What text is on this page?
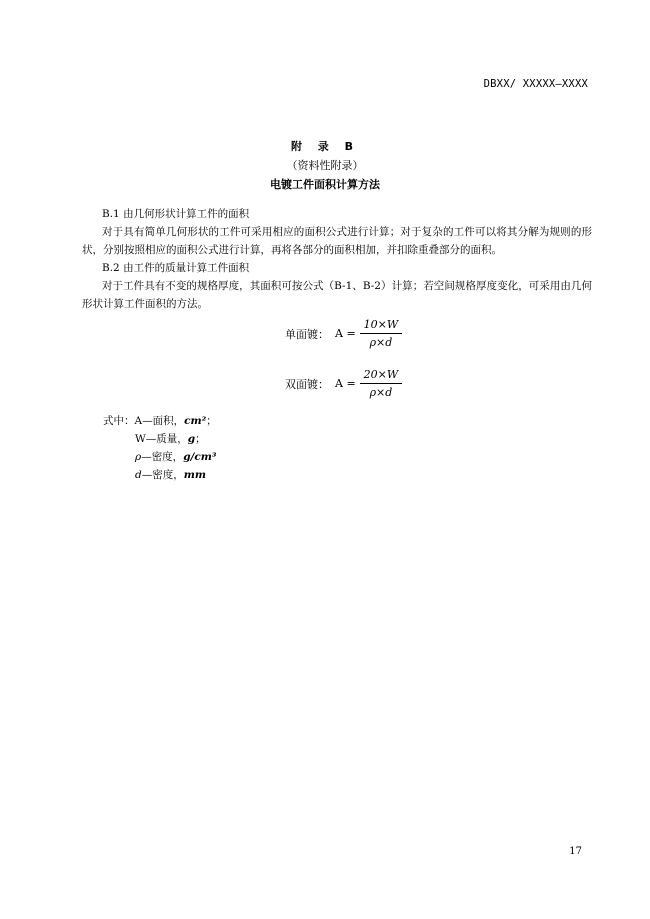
DBXX/ XXXXX—XXXX
附 录 B
（资料性附录）
电镀工件面积计算方法
B.1 由几何形状计算工件的面积
对于具有简单几何形状的工件可采用相应的面积公式进行计算；对于复杂的工件可以将其分解为规则的形状，分别按照相应的面积公式进行计算，再将各部分的面积相加，并扣除重叠部分的面积。
B.2 由工件的质量计算工件面积
对于工件具有不变的规格厚度，其面积可按公式（B-1、B-2）计算；若空间规格厚度变化，可采用由几何形状计算工件面积的方法。
单面镀： $A = \frac{10\times W}{\rho\times d}$
双面镀： $A = \frac{20\times W}{\rho\times d}$
式中： A —面积， cm² ；
W —质量， g ；
ρ —密度， g/cm³
d —密度， mm
17
